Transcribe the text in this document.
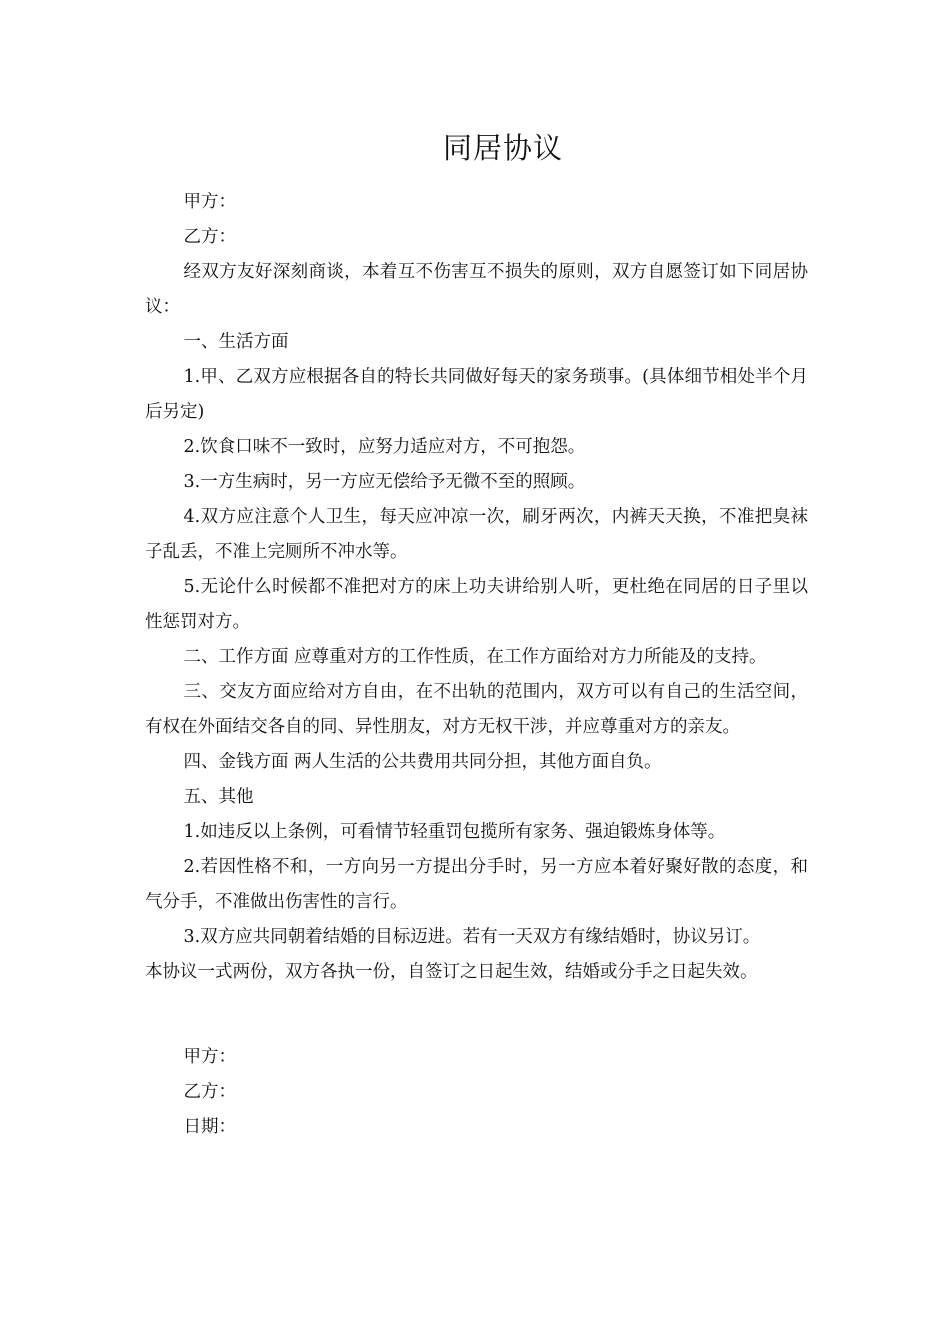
同居协议

甲方：

乙方：

经双方友好深刻商谈，本着互不伤害互不损失的原则，双方自愿签订如下同居协议：

一、生活方面

1.甲、乙双方应根据各自的特长共同做好每天的家务琐事。(具体细节相处半个月后另定)

2.饮食口味不一致时，应努力适应对方，不可抱怨。

3.一方生病时，另一方应无偿给予无微不至的照顾。

4.双方应注意个人卫生，每天应冲凉一次，刷牙两次，内裤天天换，不准把臭袜子乱丢，不准上完厕所不冲水等。

5.无论什么时候都不准把对方的床上功夫讲给别人听，更杜绝在同居的日子里以性惩罚对方。

二、工作方面 应尊重对方的工作性质，在工作方面给对方力所能及的支持。

三、交友方面应给对方自由，在不出轨的范围内，双方可以有自己的生活空间，有权在外面结交各自的同、异性朋友，对方无权干涉，并应尊重对方的亲友。

四、金钱方面 两人生活的公共费用共同分担，其他方面自负。

五、其他

1.如违反以上条例，可看情节轻重罚包揽所有家务、强迫锻炼身体等。

2.若因性格不和，一方向另一方提出分手时，另一方应本着好聚好散的态度，和气分手，不准做出伤害性的言行。

3.双方应共同朝着结婚的目标迈进。若有一天双方有缘结婚时，协议另订。

本协议一式两份，双方各执一份，自签订之日起生效，结婚或分手之日起失效。

甲方：

乙方：

日期：
